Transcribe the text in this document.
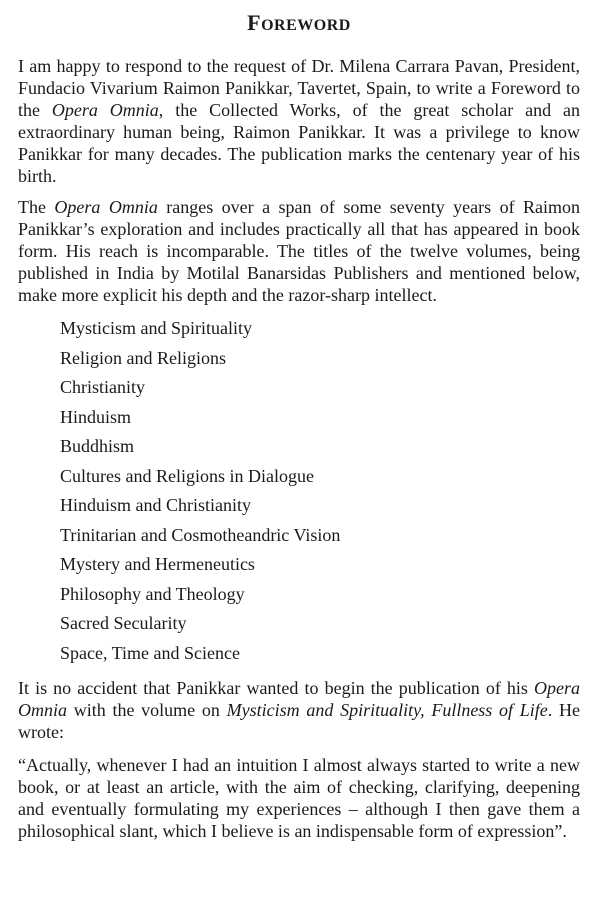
FOREWORD

I am happy to respond to the request of Dr. Milena Carrara Pavan, President, Fundacio Vivarium Raimon Panikkar, Tavertet, Spain, to write a Foreword to the Opera Omnia, the Collected Works, of the great scholar and an extraordinary human being, Raimon Panikkar. It was a privilege to know Panikkar for many decades. The publication marks the centenary year of his birth.

The Opera Omnia ranges over a span of some seventy years of Raimon Panikkar’s exploration and includes practically all that has appeared in book form. His reach is incomparable. The titles of the twelve volumes, being published in India by Motilal Banarsidas Publishers and mentioned below, make more explicit his depth and the razor-sharp intellect.

Mysticism and Spirituality
Religion and Religions
Christianity
Hinduism
Buddhism
Cultures and Religions in Dialogue
Hinduism and Christianity
Trinitarian and Cosmotheandric Vision
Mystery and Hermeneutics
Philosophy and Theology
Sacred Secularity
Space, Time and Science

It is no accident that Panikkar wanted to begin the publication of his Opera Omnia with the volume on Mysticism and Spirituality, Fullness of Life. He wrote:

“Actually, whenever I had an intuition I almost always started to write a new book, or at least an article, with the aim of checking, clarifying, deepening and eventually formulating my experiences – although I then gave them a philosophical slant, which I believe is an indispensable form of expression”.
